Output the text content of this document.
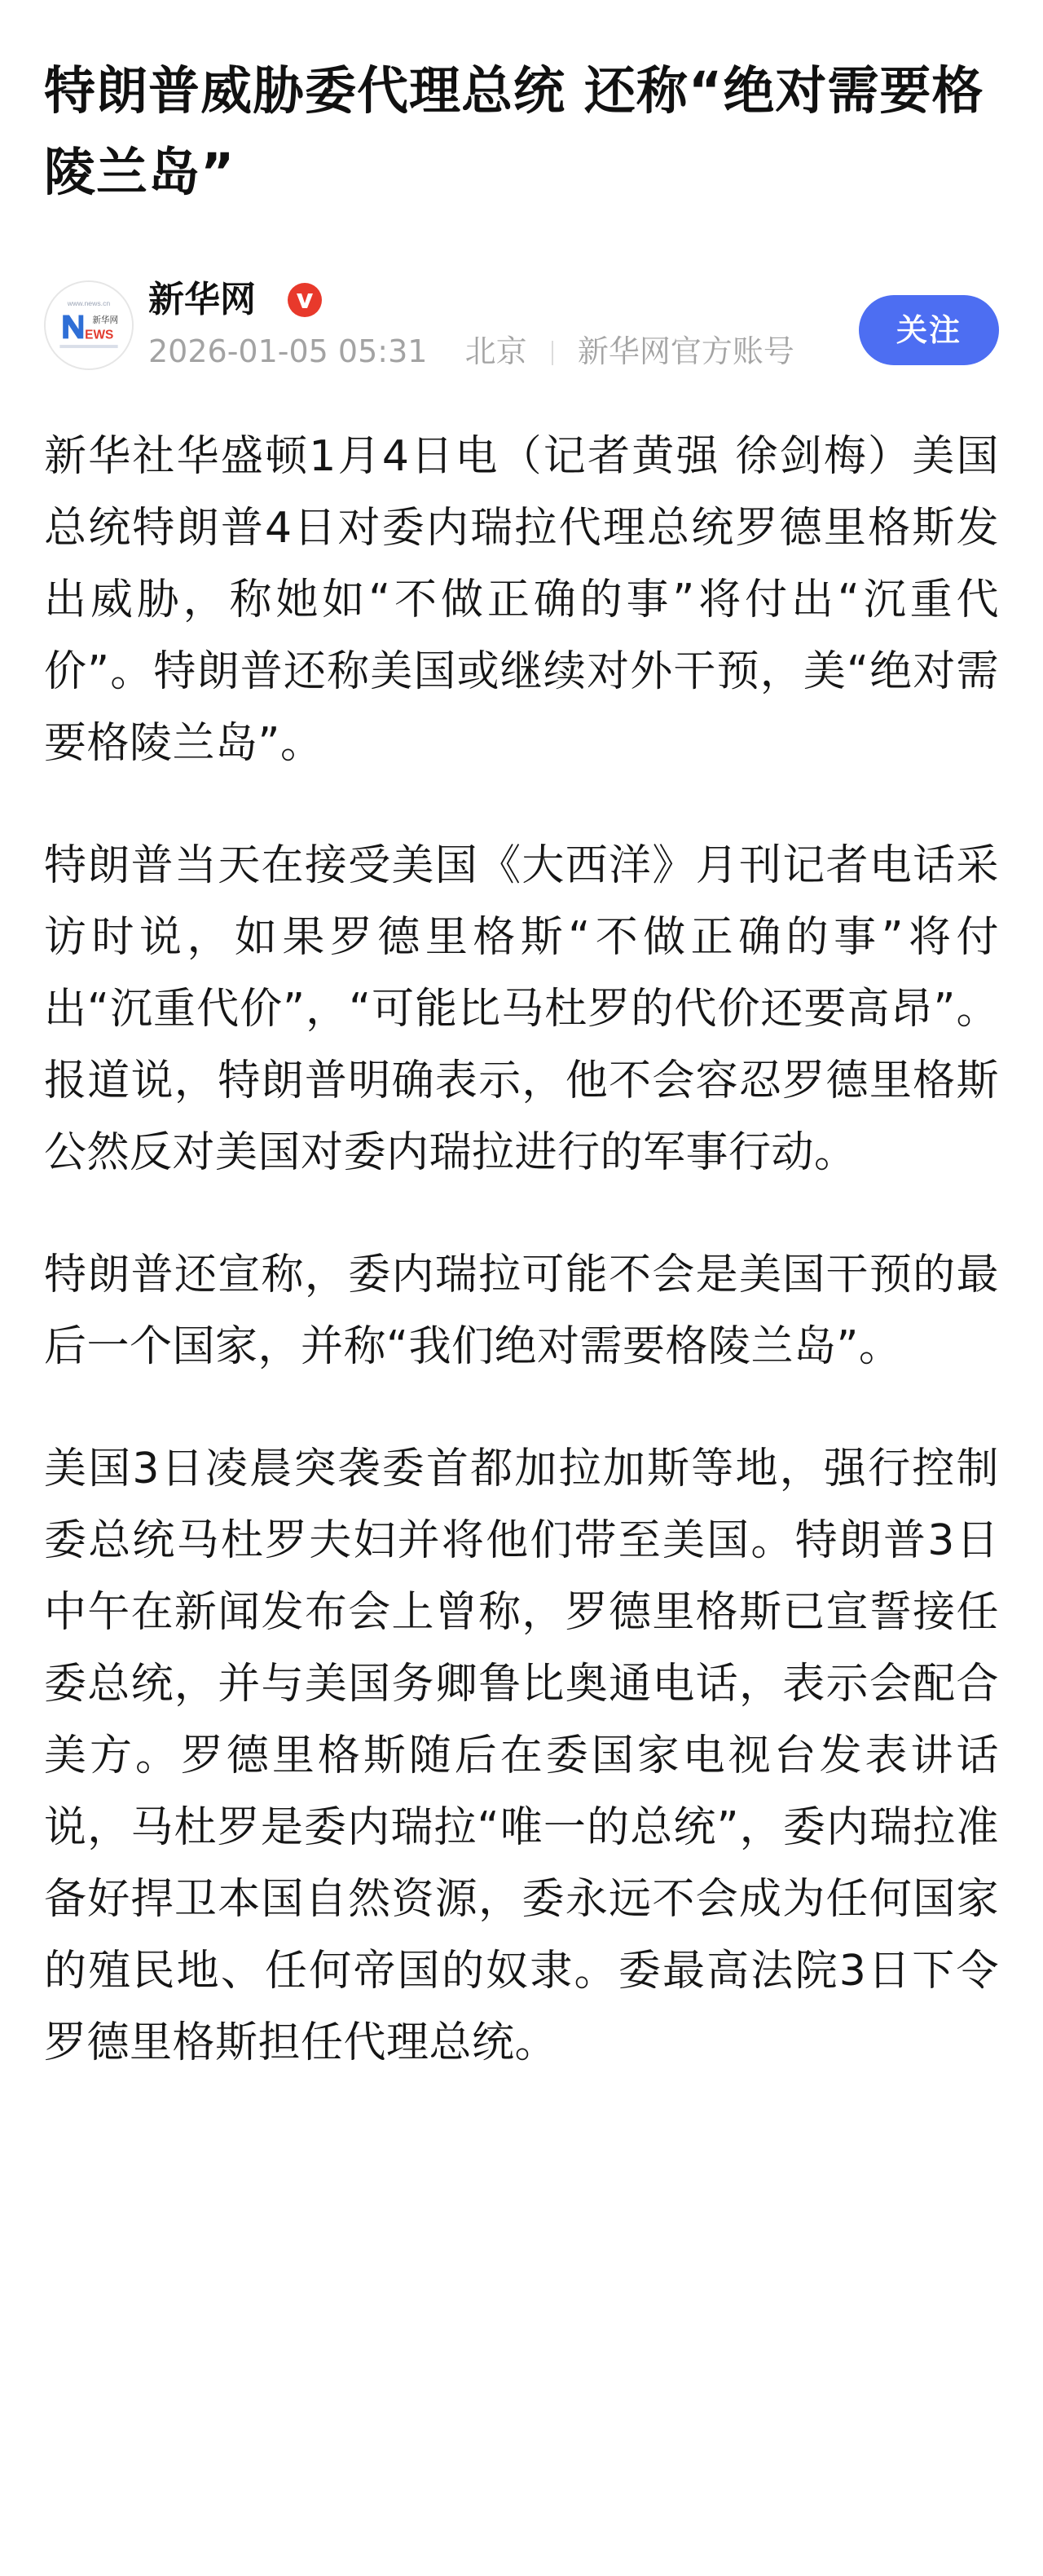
特朗普威胁委代理总统 还称“绝对需要格陵兰岛”
www.news.cn
EWS
新华网
新华网
2026-01-05 05:31 北京 新华网官方账号
关注

新华社华盛顿1月4日电（记者黄强 徐剑梅）美国总统特朗普4日对委内瑞拉代理总统罗德里格斯发出威胁，称她如“不做正确的事”将付出“沉重代价”。特朗普还称美国或继续对外干预，美“绝对需要格陵兰岛”。

特朗普当天在接受美国《大西洋》月刊记者电话采访时说，如果罗德里格斯“不做正确的事”将付出“沉重代价”，“可能比马杜罗的代价还要高昂”。报道说，特朗普明确表示，他不会容忍罗德里格斯公然反对美国对委内瑞拉进行的军事行动。

特朗普还宣称，委内瑞拉可能不会是美国干预的最后一个国家，并称“我们绝对需要格陵兰岛”。

美国3日凌晨突袭委首都加拉加斯等地，强行控制委总统马杜罗夫妇并将他们带至美国。特朗普3日中午在新闻发布会上曾称，罗德里格斯已宣誓接任委总统，并与美国务卿鲁比奥通电话，表示会配合美方。罗德里格斯随后在委国家电视台发表讲话说，马杜罗是委内瑞拉“唯一的总统”，委内瑞拉准备好捍卫本国自然资源，委永远不会成为任何国家的殖民地、任何帝国的奴隶。委最高法院3日下令罗德里格斯担任代理总统。
